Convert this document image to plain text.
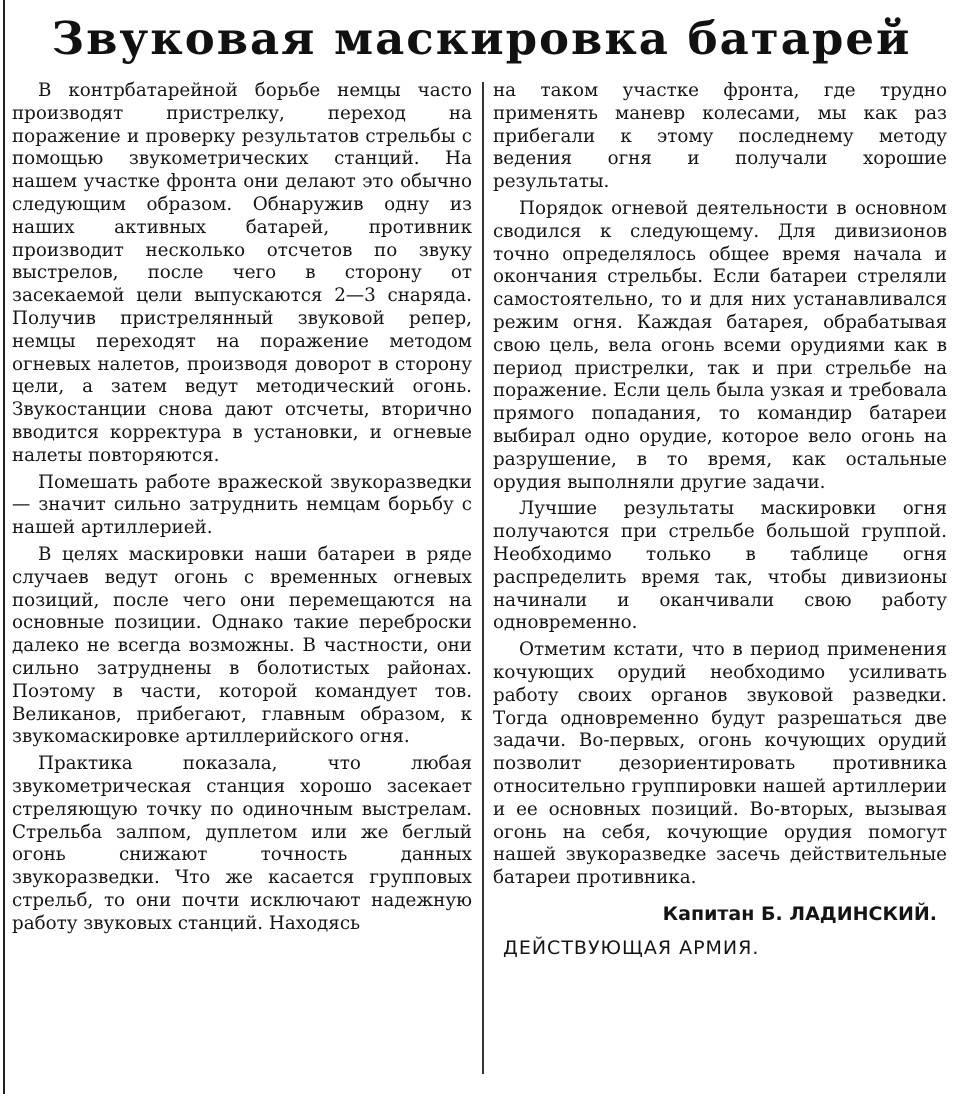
Звуковая маскировка батарей

В контрбатарейной борьбе немцы часто производят пристрелку, переход на поражение и проверку результатов стрельбы с помощью звукометрических станций. На нашем участке фронта они делают это обычно следующим образом. Обнаружив одну из наших активных батарей, противник производит несколько отсчетов по звуку выстрелов, после чего в сторону от засекаемой цели выпускаются 2—3 снаряда. Получив пристрелянный звуковой репер, немцы переходят на поражение методом огневых налетов, производя доворот в сторону цели, а затем ведут методический огонь. Звукостанции снова дают отсчеты, вторично вводится корректура в установки, и огневые налеты повторяются.

Помешать работе вражеской звукоразведки — значит сильно затруднить немцам борьбу с нашей артиллерией.

В целях маскировки наши батареи в ряде случаев ведут огонь с временных огневых позиций, после чего они перемещаются на основные позиции. Однако такие переброски далеко не всегда возможны. В частности, они сильно затруднены в болотистых районах. Поэтому в части, которой командует тов. Великанов, прибегают, главным образом, к звукомаскировке артиллерийского огня.

Практика показала, что любая звукометрическая станция хорошо засекает стреляющую точку по одиночным выстрелам. Стрельба залпом, дуплетом или же беглый огонь снижают точность данных звукоразведки. Что же касается групповых стрельб, то они почти исключают надежную работу звуковых станций. Находясь

на таком участке фронта, где трудно применять маневр колесами, мы как раз прибегали к этому последнему методу ведения огня и получали хорошие результаты.

Порядок огневой деятельности в основном сводился к следующему. Для дивизионов точно определялось общее время начала и окончания стрельбы. Если батареи стреляли самостоятельно, то и для них устанавливался режим огня. Каждая батарея, обрабатывая свою цель, вела огонь всеми орудиями как в период пристрелки, так и при стрельбе на поражение. Если цель была узкая и требовала прямого попадания, то командир батареи выбирал одно орудие, которое вело огонь на разрушение, в то время, как остальные орудия выполняли другие задачи.

Лучшие результаты маскировки огня получаются при стрельбе большой группой. Необходимо только в таблице огня распределить время так, чтобы дивизионы начинали и оканчивали свою работу одновременно.

Отметим кстати, что в период применения кочующих орудий необходимо усиливать работу своих органов звуковой разведки. Тогда одновременно будут разрешаться две задачи. Во-первых, огонь кочующих орудий позволит дезориентировать противника относительно группировки нашей артиллерии и ее основных позиций. Во-вторых, вызывая огонь на себя, кочующие орудия помогут нашей звукоразведке засечь действительные батареи противника.

Капитан Б. ЛАДИНСКИЙ.
ДЕЙСТВУЮЩАЯ АРМИЯ.
